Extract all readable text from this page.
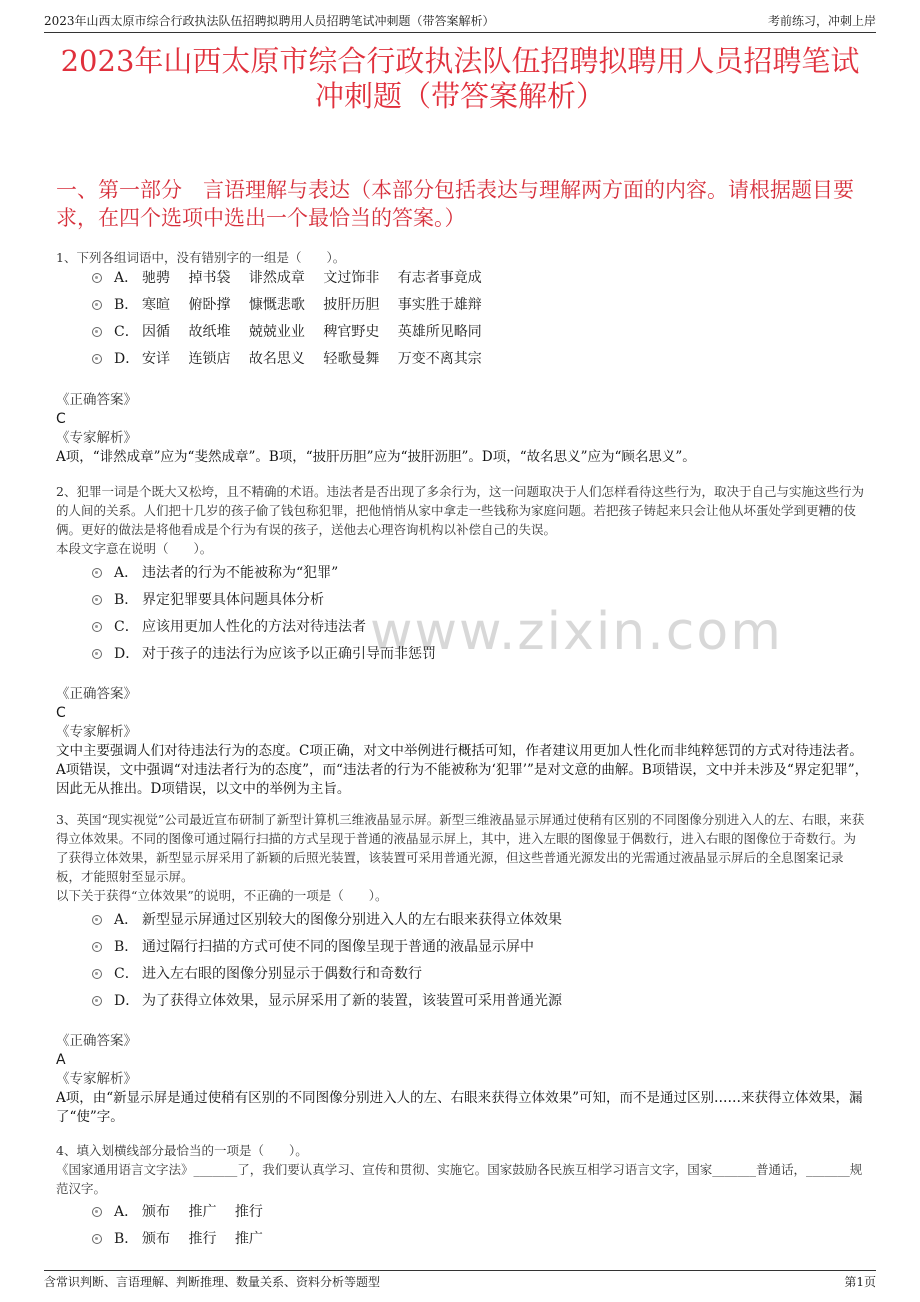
2023年山西太原市综合行政执法队伍招聘拟聘用人员招聘笔试冲刺题（带答案解析）	考前练习，冲刺上岸
2023年山西太原市综合行政执法队伍招聘拟聘用人员招聘笔试冲刺题（带答案解析）
一、第一部分　言语理解与表达（本部分包括表达与理解两方面的内容。请根据题目要求，在四个选项中选出一个最恰当的答案。）
www.zixin.com

1、下列各组词语中，没有错别字的一组是（　　）。

A． 驰骋　 掉书袋　 诽然成章　 文过饰非　 有志者事竟成
B． 寒暄　 俯卧撑　 慷慨悲歌　 披肝历胆　 事实胜于雄辩
C． 因循　 故纸堆　 兢兢业业　 稗官野史　 英雄所见略同
D． 安详　 连锁店　 故名思义　 轻歌曼舞　 万变不离其宗
《正确答案》
C
《专家解析》

A项，“诽然成章”应为“斐然成章”。B项，“披肝历胆”应为“披肝沥胆”。D项，“故名思义”应为“顾名思义”。

2、犯罪一词是个既大又松垮，且不精确的术语。违法者是否出现了多余行为，这一问题取决于人们怎样看待这些行为，取决于自己与实施这些行为的人间的关系。人们把十几岁的孩子偷了钱包称犯罪，把他悄悄从家中拿走一些钱称为家庭问题。若把孩子铸起来只会让他从坏蛋处学到更糟的伎俩。更好的做法是将他看成是个行为有误的孩子，送他去心理咨询机构以补偿自己的失误。

本段文字意在说明（　　）。

A． 违法者的行为不能被称为“犯罪”
B． 界定犯罪要具体问题具体分析
C． 应该用更加人性化的方法对待违法者
D． 对于孩子的违法行为应该予以正确引导而非惩罚
《正确答案》
C
《专家解析》

文中主要强调人们对待违法行为的态度。C项正确，对文中举例进行概括可知，作者建议用更加人性化而非纯粹惩罚的方式对待违法者。A项错误，文中强调“对违法者行为的态度”，而“违法者的行为不能被称为‘犯罪’”是对文意的曲解。B项错误，文中并未涉及“界定犯罪”，因此无从推出。D项错误，以文中的举例为主旨。

3、英国“现实视觉”公司最近宣布研制了新型计算机三维液晶显示屏。新型三维液晶显示屏通过使稍有区别的不同图像分别进入人的左、右眼，来获得立体效果。不同的图像可通过隔行扫描的方式呈现于普通的液晶显示屏上，其中，进入左眼的图像显于偶数行，进入右眼的图像位于奇数行。为了获得立体效果，新型显示屏采用了新颖的后照光装置，该装置可采用普通光源，但这些普通光源发出的光需通过液晶显示屏后的全息图案记录板，才能照射至显示屏。

以下关于获得“立体效果”的说明，不正确的一项是（　　）。

A． 新型显示屏通过区别较大的图像分别进入人的左右眼来获得立体效果
B． 通过隔行扫描的方式可使不同的图像呈现于普通的液晶显示屏中
C． 进入左右眼的图像分别显示于偶数行和奇数行
D． 为了获得立体效果，显示屏采用了新的装置，该装置可采用普通光源
《正确答案》
A
《专家解析》

A项，由“新显示屏是通过使稍有区别的不同图像分别进入人的左、右眼来获得立体效果”可知，而不是通过区别……来获得立体效果，漏了“使”字。

4、填入划横线部分最恰当的一项是（　　）。

《国家通用语言文字法》_______了，我们要认真学习、宣传和贯彻、实施它。国家鼓励各民族互相学习语言文字，国家_______普通话，_______规范汉字。

A． 颁布　 推广　 推行
B． 颁布　 推行　 推广
含常识判断、言语理解、判断推理、数量关系、资料分析等题型	第1页
